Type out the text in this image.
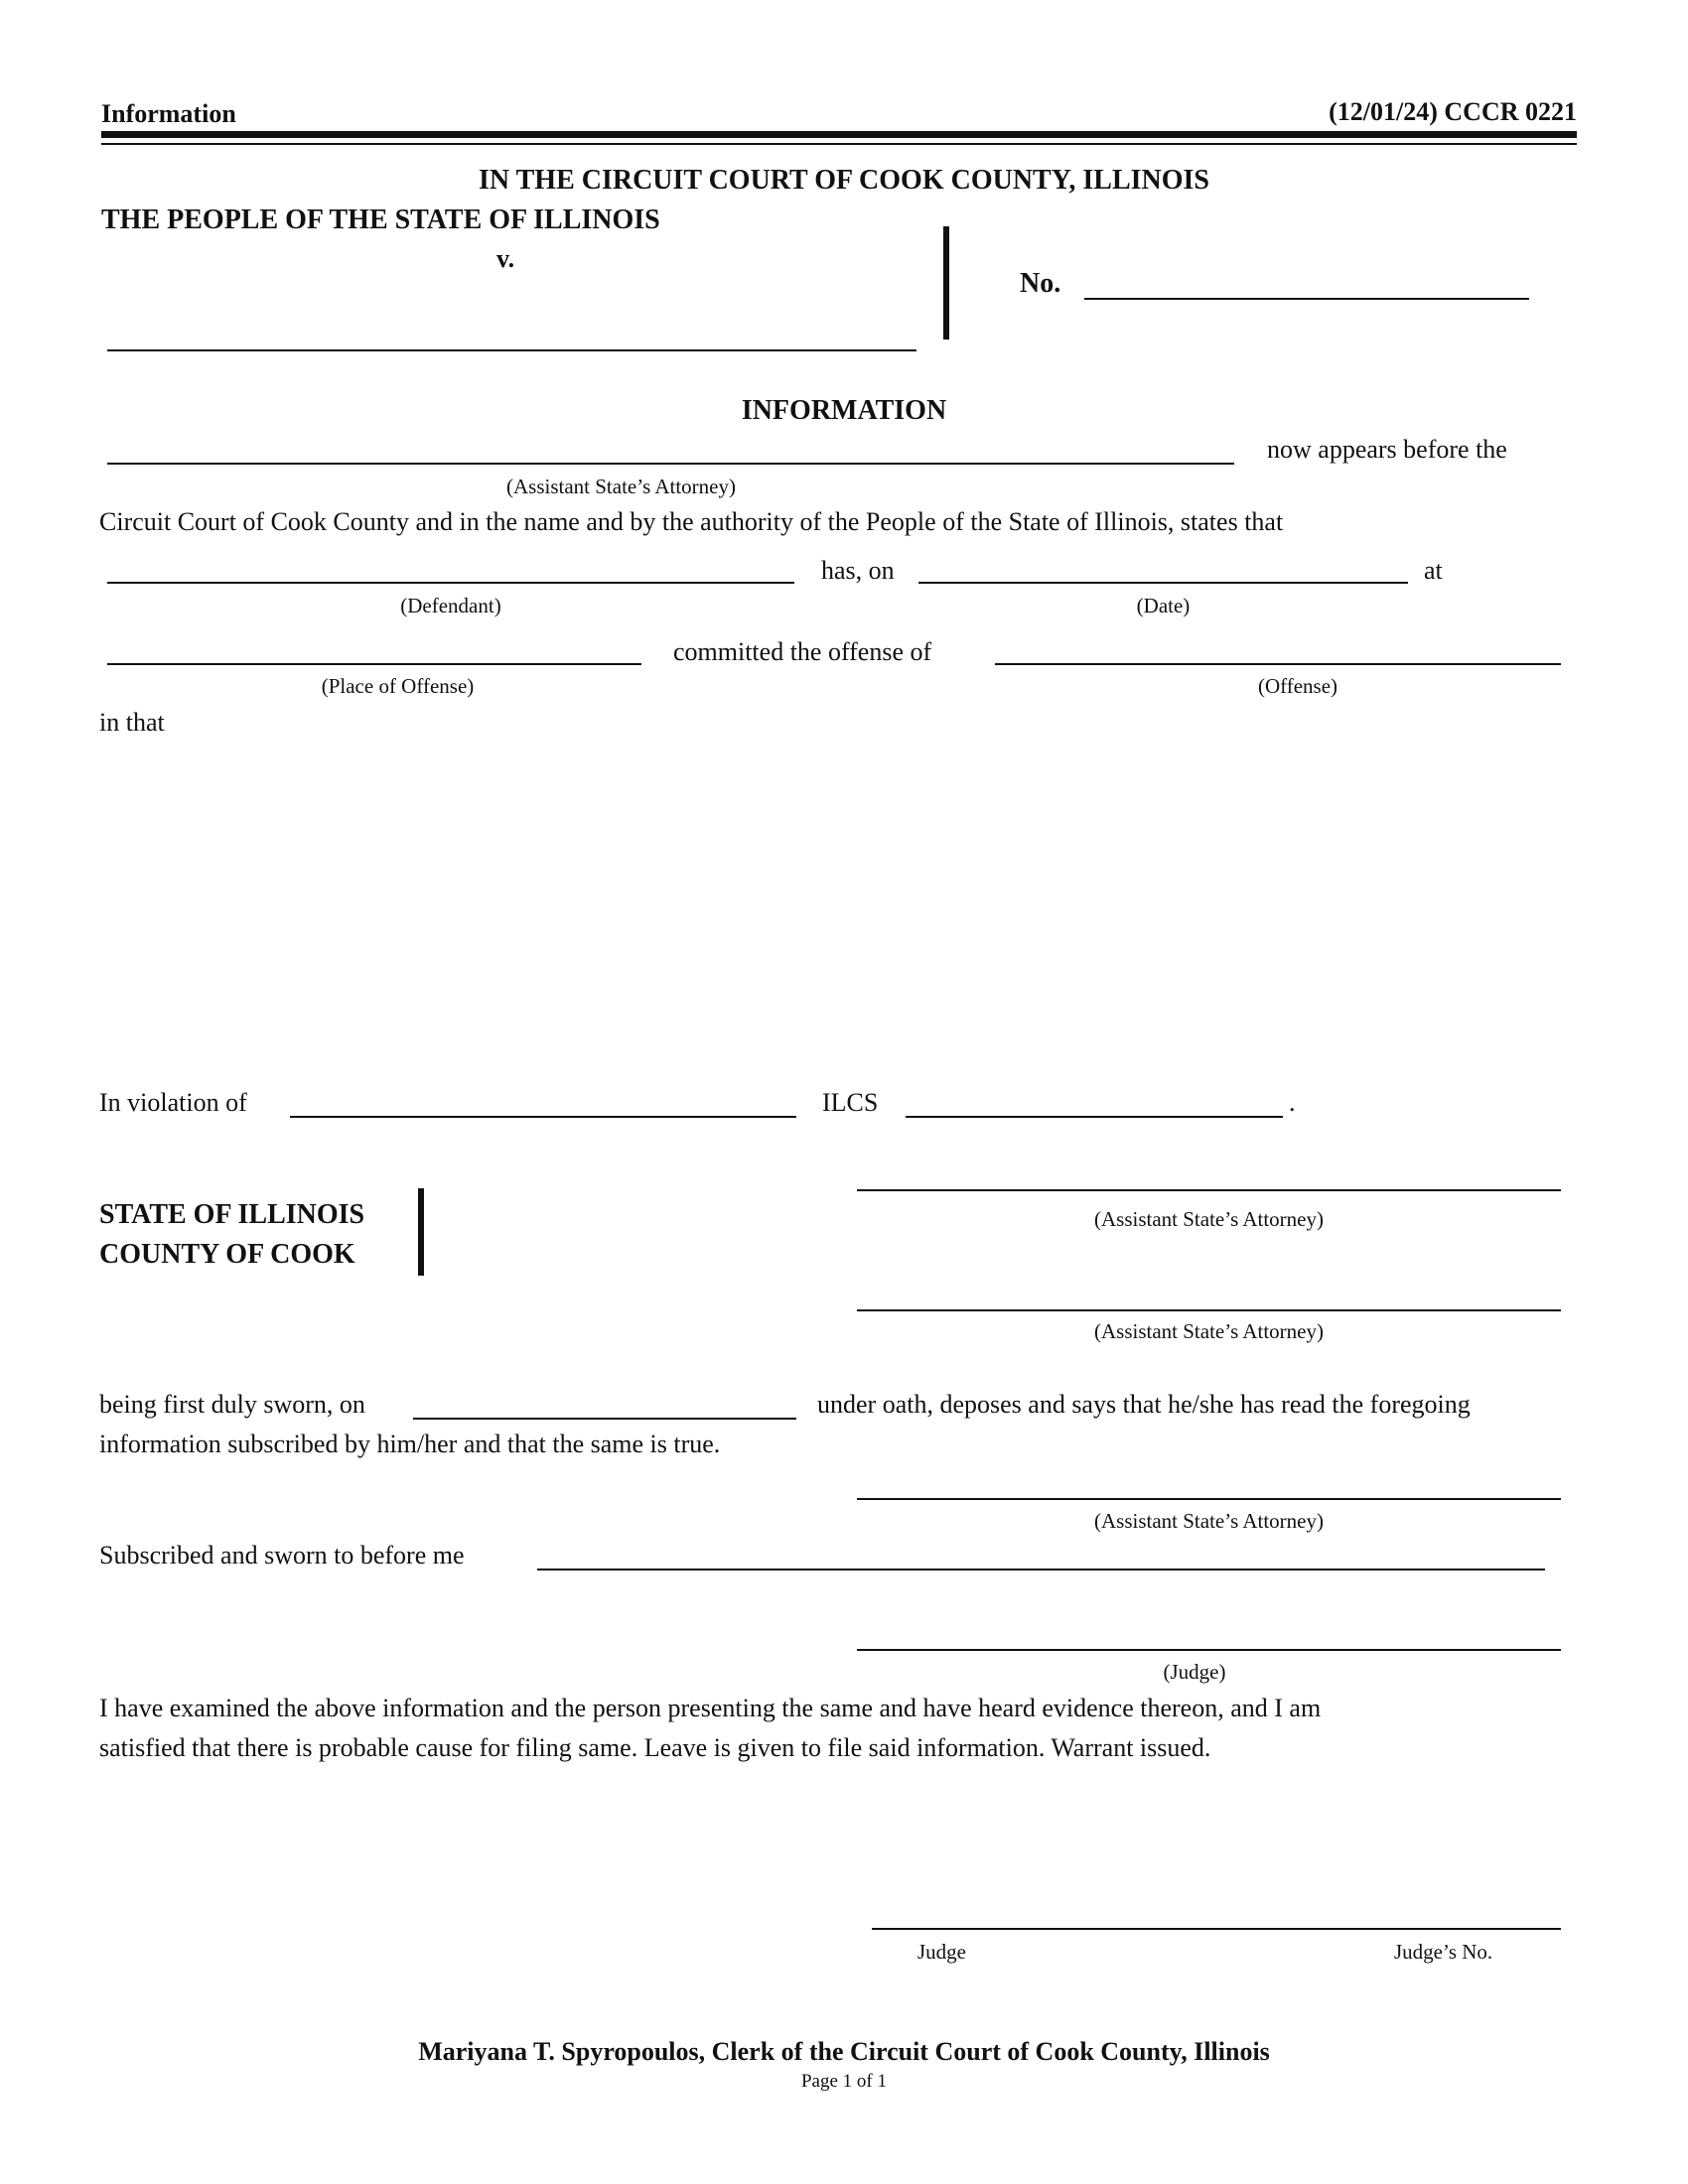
Information	(12/01/24) CCCR 0221
IN THE CIRCUIT COURT OF COOK COUNTY, ILLINOIS
THE PEOPLE OF THE STATE OF ILLINOIS
v.
No.
INFORMATION
now appears before the
(Assistant State’s Attorney)
Circuit Court of Cook County and in the name and by the authority of the People of the State of Illinois, states that
has, on	at
(Defendant)	(Date)
committed the offense of
(Place of Offense)	(Offense)
in that
In violation of	ILCS	.
STATE OF ILLINOIS
COUNTY OF COOK
(Assistant State’s Attorney)
(Assistant State’s Attorney)
being first duly sworn, on	under oath, deposes and says that he/she has read the foregoing
information subscribed by him/her and that the same is true.
(Assistant State’s Attorney)
Subscribed and sworn to before me
(Judge)
I have examined the above information and the person presenting the same and have heard evidence thereon, and I am
satisfied that there is probable cause for filing same. Leave is given to file said information. Warrant issued.
Judge	Judge’s No.
Mariyana T. Spyropoulos, Clerk of the Circuit Court of Cook County, Illinois
Page 1 of 1
